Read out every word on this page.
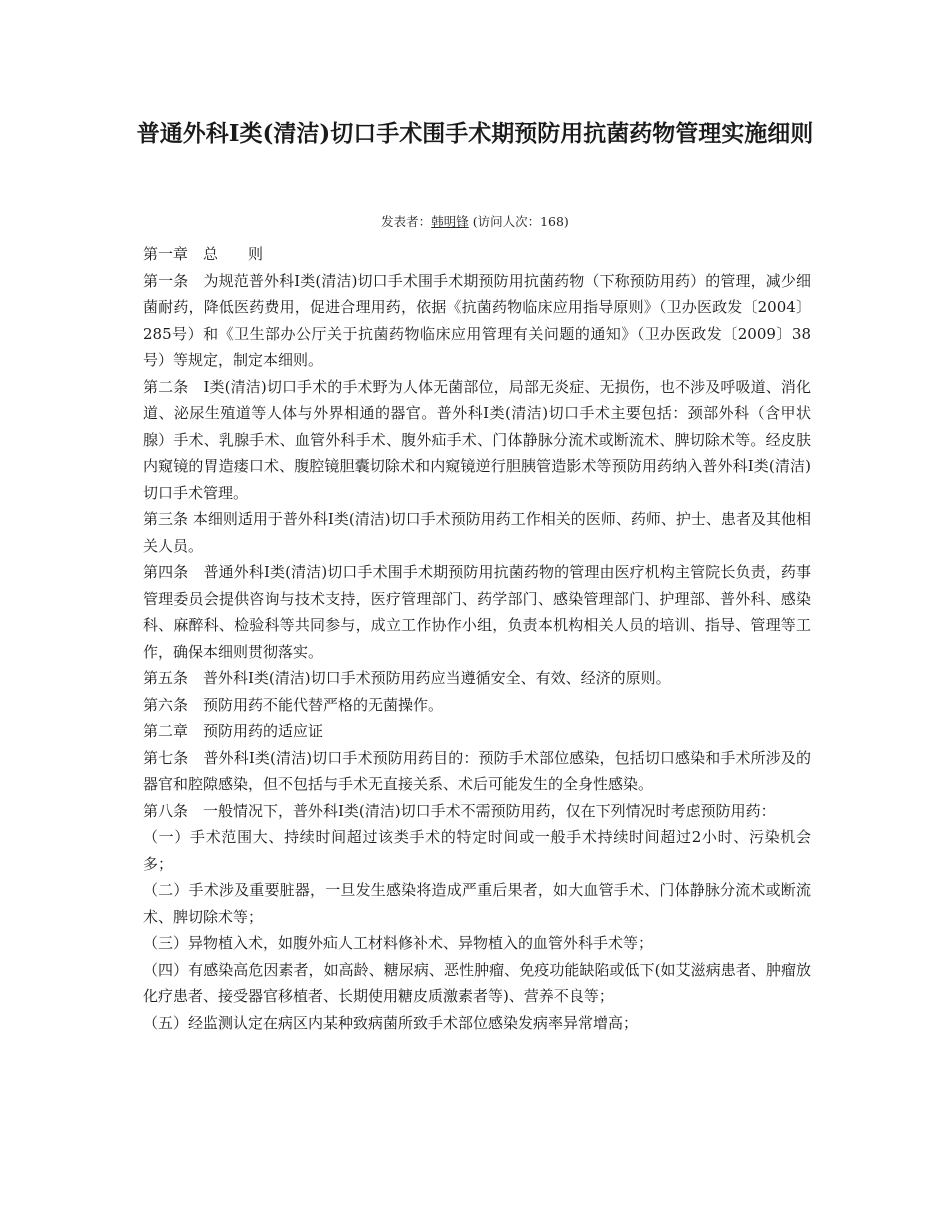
普通外科Ⅰ类(清洁)切口手术围手术期预防用抗菌药物管理实施细则
发表者：韩明锋 (访问人次：168)

第一章　总　　则

第一条　为规范普外科Ⅰ类(清洁)切口手术围手术期预防用抗菌药物（下称预防用药）的管理，减少细菌耐药，降低医药费用，促进合理用药，依据《抗菌药物临床应用指导原则》（卫办医政发〔2004〕285号）和《卫生部办公厅关于抗菌药物临床应用管理有关问题的通知》（卫办医政发〔2009〕38号）等规定，制定本细则。

第二条　Ⅰ类(清洁)切口手术的手术野为人体无菌部位，局部无炎症、无损伤，也不涉及呼吸道、消化道、泌尿生殖道等人体与外界相通的器官。普外科Ⅰ类(清洁)切口手术主要包括：颈部外科（含甲状腺）手术、乳腺手术、血管外科手术、腹外疝手术、门体静脉分流术或断流术、脾切除术等。经皮肤内窥镜的胃造瘘口术、腹腔镜胆囊切除术和内窥镜逆行胆胰管造影术等预防用药纳入普外科Ⅰ类(清洁)切口手术管理。

第三条 本细则适用于普外科Ⅰ类(清洁)切口手术预防用药工作相关的医师、药师、护士、患者及其他相关人员。

第四条　普通外科Ⅰ类(清洁)切口手术围手术期预防用抗菌药物的管理由医疗机构主管院长负责，药事管理委员会提供咨询与技术支持，医疗管理部门、药学部门、感染管理部门、护理部、普外科、感染科、麻醉科、检验科等共同参与，成立工作协作小组，负责本机构相关人员的培训、指导、管理等工作，确保本细则贯彻落实。

第五条　普外科Ⅰ类(清洁)切口手术预防用药应当遵循安全、有效、经济的原则。

第六条　预防用药不能代替严格的无菌操作。

第二章　预防用药的适应证

第七条　普外科Ⅰ类(清洁)切口手术预防用药目的：预防手术部位感染，包括切口感染和手术所涉及的器官和腔隙感染，但不包括与手术无直接关系、术后可能发生的全身性感染。

第八条　一般情况下，普外科Ⅰ类(清洁)切口手术不需预防用药，仅在下列情况时考虑预防用药：

（一）手术范围大、持续时间超过该类手术的特定时间或一般手术持续时间超过2小时、污染机会多；

（二）手术涉及重要脏器，一旦发生感染将造成严重后果者，如大血管手术、门体静脉分流术或断流术、脾切除术等；

（三）异物植入术，如腹外疝人工材料修补术、异物植入的血管外科手术等；

（四）有感染高危因素者，如高龄、糖尿病、恶性肿瘤、免疫功能缺陷或低下(如艾滋病患者、肿瘤放化疗患者、接受器官移植者、长期使用糖皮质激素者等)、营养不良等；

（五）经监测认定在病区内某种致病菌所致手术部位感染发病率异常增高；
